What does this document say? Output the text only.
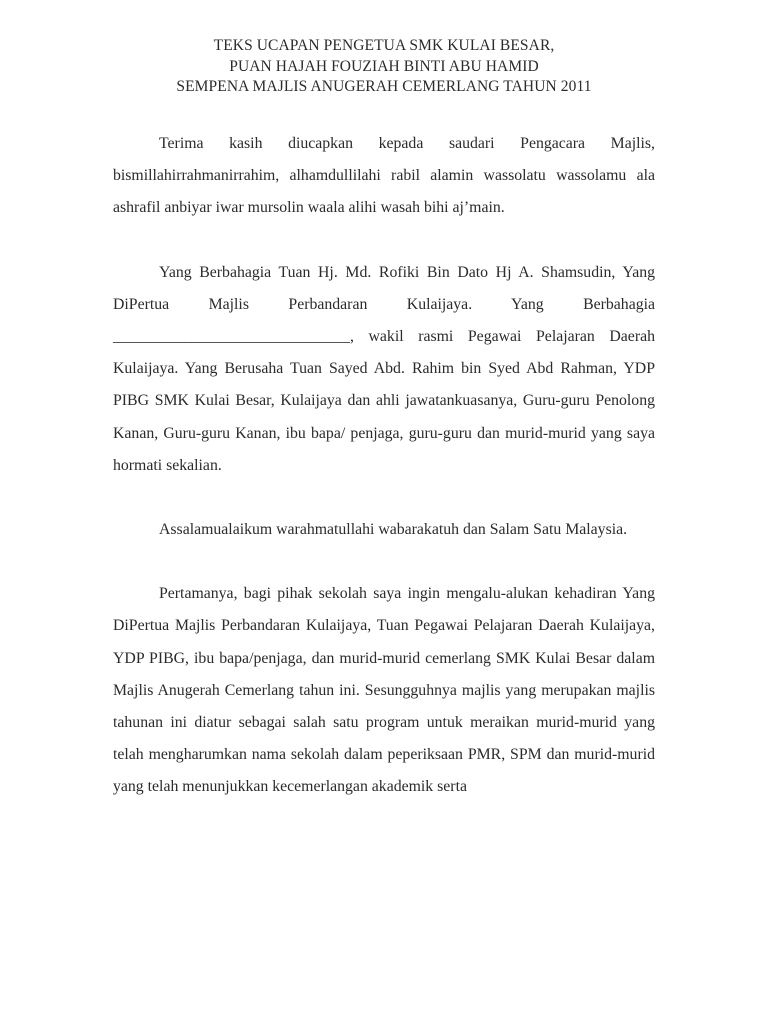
TEKS UCAPAN PENGETUA SMK KULAI BESAR,
PUAN HAJAH FOUZIAH BINTI ABU HAMID
SEMPENA MAJLIS ANUGERAH CEMERLANG TAHUN 2011

Terima kasih diucapkan kepada saudari Pengacara Majlis, bismillahirrahmanirrahim, alhamdullilahi rabil alamin wassolatu wassolamu ala ashrafil anbiyar iwar mursolin waala alihi wasah bihi aj’main.

Yang Berbahagia Tuan Hj. Md. Rofiki Bin Dato Hj A. Shamsudin, Yang DiPertua Majlis Perbandaran Kulaijaya. Yang Berbahagia ______________________________, wakil rasmi Pegawai Pelajaran Daerah Kulaijaya. Yang Berusaha Tuan Sayed Abd. Rahim bin Syed Abd Rahman, YDP PIBG SMK Kulai Besar, Kulaijaya dan ahli jawatankuasanya, Guru-guru Penolong Kanan, Guru-guru Kanan, ibu bapa/ penjaga, guru-guru dan murid-murid yang saya hormati sekalian.

Assalamualaikum warahmatullahi wabarakatuh dan Salam Satu Malaysia.

Pertamanya, bagi pihak sekolah saya ingin mengalu-alukan kehadiran Yang DiPertua Majlis Perbandaran Kulaijaya, Tuan Pegawai Pelajaran Daerah Kulaijaya, YDP PIBG, ibu bapa/penjaga, dan murid-murid cemerlang SMK Kulai Besar dalam Majlis Anugerah Cemerlang tahun ini. Sesungguhnya majlis yang merupakan majlis tahunan ini diatur sebagai salah satu program untuk meraikan murid-murid yang telah mengharumkan nama sekolah dalam peperiksaan PMR, SPM dan murid-murid yang telah menunjukkan kecemerlangan akademik serta
